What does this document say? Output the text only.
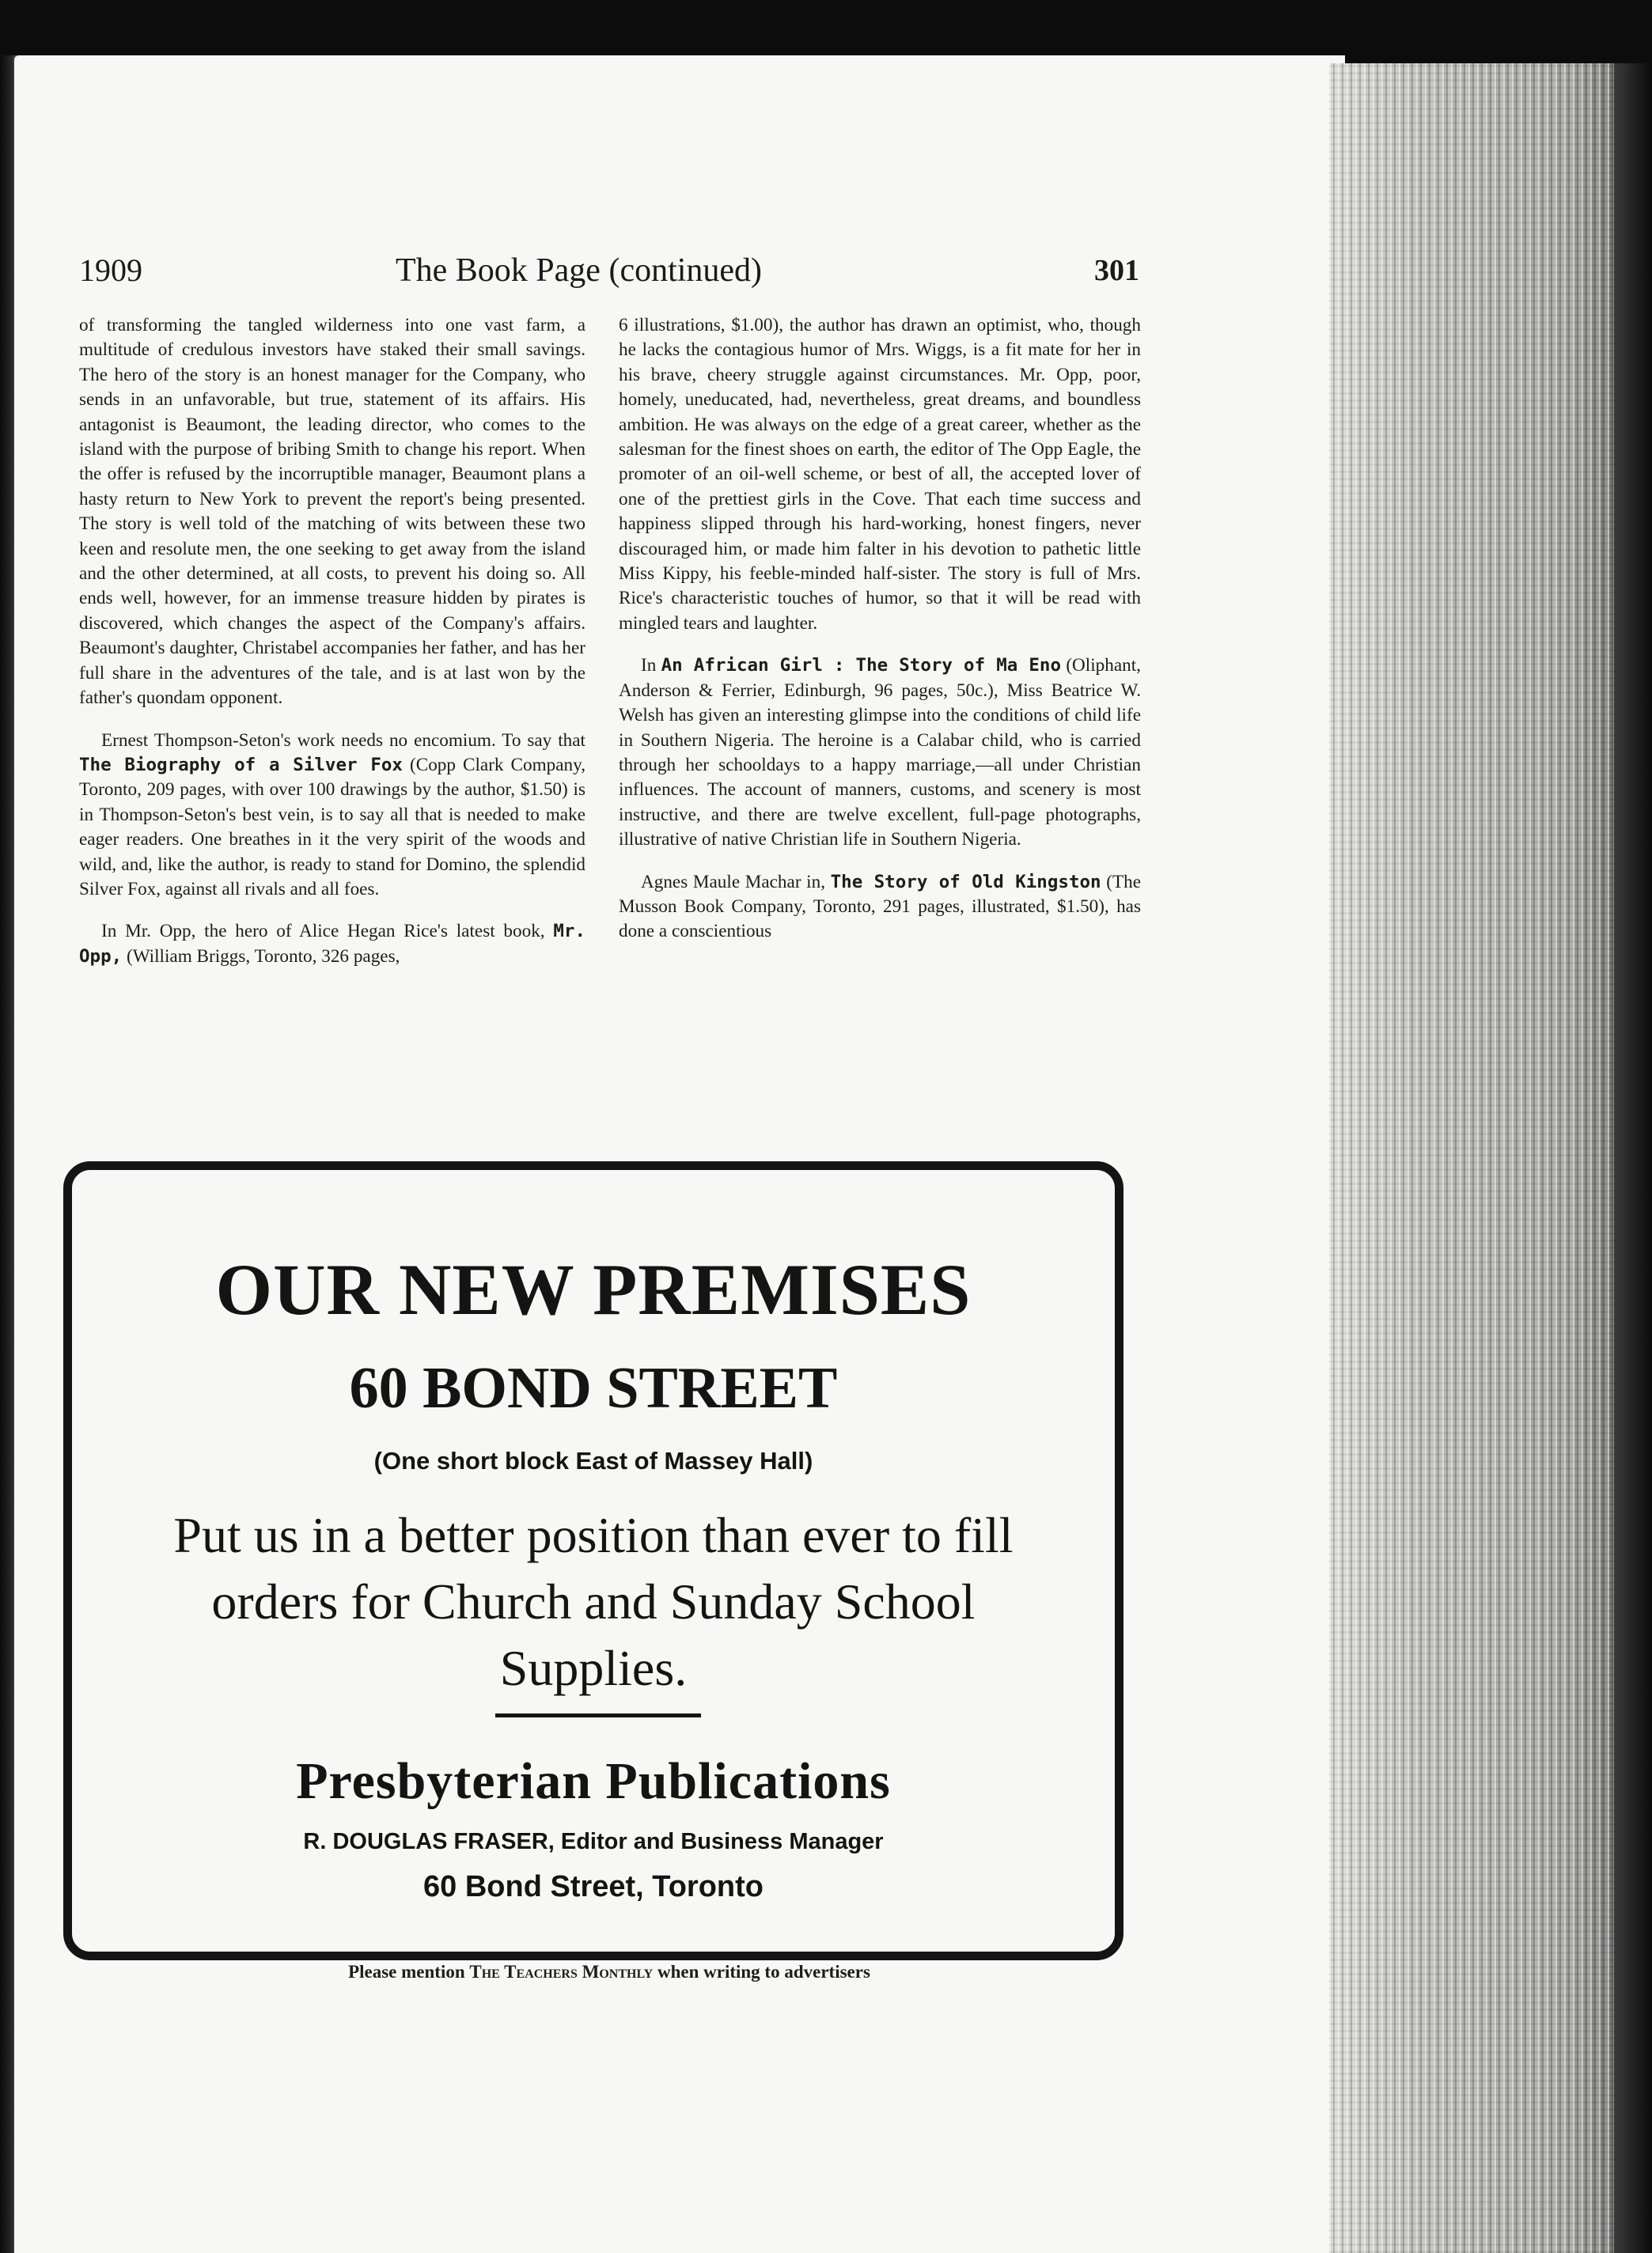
1909	The Book Page (continued)	301

of transforming the tangled wilderness into one vast farm, a multitude of credulous investors have staked their small savings. The hero of the story is an honest manager for the Company, who sends in an unfavorable, but true, statement of its affairs. His antagonist is Beaumont, the leading director, who comes to the island with the purpose of bribing Smith to change his report. When the offer is refused by the incorruptible manager, Beaumont plans a hasty return to New York to prevent the report's being presented. The story is well told of the matching of wits between these two keen and resolute men, the one seeking to get away from the island and the other determined, at all costs, to prevent his doing so. All ends well, however, for an immense treasure hidden by pirates is discovered, which changes the aspect of the Company's affairs. Beaumont's daughter, Christabel accompanies her father, and has her full share in the adventures of the tale, and is at last won by the father's quondam opponent.

Ernest Thompson-Seton's work needs no encomium. To say that The Biography of a Silver Fox (Copp Clark Company, Toronto, 209 pages, with over 100 drawings by the author, $1.50) is in Thompson-Seton's best vein, is to say all that is needed to make eager readers. One breathes in it the very spirit of the woods and wild, and, like the author, is ready to stand for Domino, the splendid Silver Fox, against all rivals and all foes.

In Mr. Opp, the hero of Alice Hegan Rice's latest book, Mr. Opp, (William Briggs, Toronto, 326 pages,

6 illustrations, $1.00), the author has drawn an optimist, who, though he lacks the contagious humor of Mrs. Wiggs, is a fit mate for her in his brave, cheery struggle against circumstances. Mr. Opp, poor, homely, uneducated, had, nevertheless, great dreams, and boundless ambition. He was always on the edge of a great career, whether as the salesman for the finest shoes on earth, the editor of The Opp Eagle, the promoter of an oil-well scheme, or best of all, the accepted lover of one of the prettiest girls in the Cove. That each time success and happiness slipped through his hard-working, honest fingers, never discouraged him, or made him falter in his devotion to pathetic little Miss Kippy, his feeble-minded half-sister. The story is full of Mrs. Rice's characteristic touches of humor, so that it will be read with mingled tears and laughter.

In An African Girl : The Story of Ma Eno (Oliphant, Anderson & Ferrier, Edinburgh, 96 pages, 50c.), Miss Beatrice W. Welsh has given an interesting glimpse into the conditions of child life in Southern Nigeria. The heroine is a Calabar child, who is carried through her schooldays to a happy marriage,—all under Christian influences. The account of manners, customs, and scenery is most instructive, and there are twelve excellent, full-page photographs, illustrative of native Christian life in Southern Nigeria.

Agnes Maule Machar in, The Story of Old Kingston (The Musson Book Company, Toronto, 291 pages, illustrated, $1.50), has done a conscientious

OUR NEW PREMISES
60 BOND STREET
(One short block East of Massey Hall)
Put us in a better position than ever to fill orders for Church and Sunday School Supplies.
Presbyterian Publications
R. DOUGLAS FRASER, Editor and Business Manager
60 Bond Street, Toronto
Please mention The Teachers Monthly when writing to advertisers
